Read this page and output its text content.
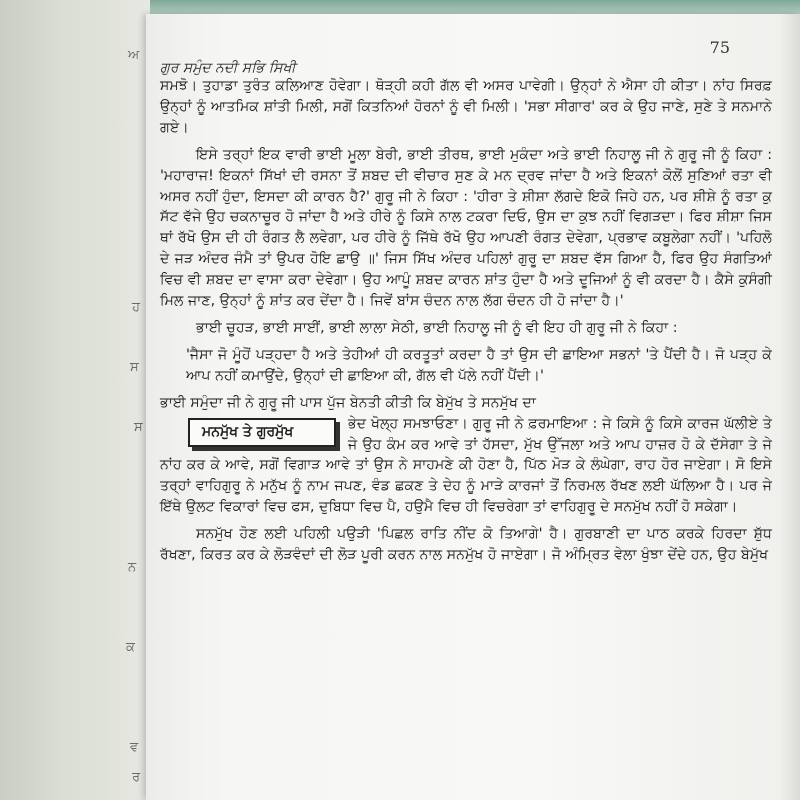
ਅ
ਹ
ਸ
ਸ
ਨ
ਕ
ਵ
ਰ
75
ਗੁਰ ਸਮੁੰਦ ਨਦੀ ਸਭਿ ਸਿਖੀ

ਸਮਝੋ। ਤੁਹਾਡਾ ਤੁਰੰਤ ਕਲਿਆਣ ਹੋਵੇਗਾ। ਥੋੜ੍ਹੀ ਕਹੀ ਗੱਲ ਵੀ ਅਸਰ ਪਾਵੇਗੀ। ਉਨ੍ਹਾਂ ਨੇ ਐਸਾ ਹੀ ਕੀਤਾ। ਨਾਂਹ ਸਿਰਫ਼ ਉਨ੍ਹਾਂ ਨੂੰ ਆਤਮਿਕ ਸ਼ਾਂਤੀ ਮਿਲੀ, ਸਗੋਂ ਕਿਤਨਿਆਂ ਹੋਰਨਾਂ ਨੂੰ ਵੀ ਮਿਲੀ। 'ਸਭਾ ਸੀਗਾਰ' ਕਰ ਕੇ ਉਹ ਜਾਣੇ, ਸੁਣੇ ਤੇ ਸਨਮਾਨੇ ਗਏ।

ਇਸੇ ਤਰ੍ਹਾਂ ਇਕ ਵਾਰੀ ਭਾਈ ਮੂਲਾ ਬੇਰੀ, ਭਾਈ ਤੀਰਥ, ਭਾਈ ਮੁਕੰਦਾ ਅਤੇ ਭਾਈ ਨਿਹਾਲੂ ਜੀ ਨੇ ਗੁਰੂ ਜੀ ਨੂੰ ਕਿਹਾ : 'ਮਹਾਰਾਜ! ਇਕਨਾਂ ਸਿੱਖਾਂ ਦੀ ਰਸਨਾ ਤੋਂ ਸ਼ਬਦ ਦੀ ਵੀਚਾਰ ਸੁਣ ਕੇ ਮਨ ਦ੍ਰਵ ਜਾਂਦਾ ਹੈ ਅਤੇ ਇਕਨਾਂ ਕੋਲੋਂ ਸੁਣਿਆਂ ਰਤਾ ਵੀ ਅਸਰ ਨਹੀਂ ਹੁੰਦਾ, ਇਸਦਾ ਕੀ ਕਾਰਨ ਹੈ?' ਗੁਰੂ ਜੀ ਨੇ ਕਿਹਾ : 'ਹੀਰਾ ਤੇ ਸ਼ੀਸ਼ਾ ਲੱਗਦੇ ਇਕੋ ਜਿਹੇ ਹਨ, ਪਰ ਸ਼ੀਸ਼ੇ ਨੂੰ ਰਤਾ ਕੁ ਸੱਟ ਵੱਜੇ ਉਹ ਚਕਨਾਚੂਰ ਹੋ ਜਾਂਦਾ ਹੈ ਅਤੇ ਹੀਰੇ ਨੂੰ ਕਿਸੇ ਨਾਲ ਟਕਰਾ ਦਿਓ, ਉਸ ਦਾ ਕੁਝ ਨਹੀਂ ਵਿਗੜਦਾ। ਫਿਰ ਸ਼ੀਸ਼ਾ ਜਿਸ ਥਾਂ ਰੱਖੋ ਉਸ ਦੀ ਹੀ ਰੰਗਤ ਲੈ ਲਵੇਗਾ, ਪਰ ਹੀਰੇ ਨੂੰ ਜਿੱਥੇ ਰੱਖੋ ਉਹ ਆਪਣੀ ਰੰਗਤ ਦੇਵੇਗਾ, ਪ੍ਰਭਾਵ ਕਬੂਲੇਗਾ ਨਹੀਂ। 'ਪਹਿਲੋ ਦੇ ਜੜ ਅੰਦਰ ਜੰਮੈ ਤਾਂ ਉਪਰ ਹੋਇ ਛਾਉ ॥' ਜਿਸ ਸਿੱਖ ਅੰਦਰ ਪਹਿਲਾਂ ਗੁਰੂ ਦਾ ਸ਼ਬਦ ਵੱਸ ਗਿਆ ਹੈ, ਫਿਰ ਉਹ ਸੰਗਤਿਆਂ ਵਿਚ ਵੀ ਸ਼ਬਦ ਦਾ ਵਾਸਾ ਕਰਾ ਦੇਵੇਗਾ। ਉਹ ਆਪੂੰ ਸ਼ਬਦ ਕਾਰਨ ਸ਼ਾਂਤ ਹੁੰਦਾ ਹੈ ਅਤੇ ਦੂਜਿਆਂ ਨੂੰ ਵੀ ਕਰਦਾ ਹੈ। ਕੈਸੇ ਕੁਸੰਗੀ ਮਿਲ ਜਾਣ, ਉਨ੍ਹਾਂ ਨੂੰ ਸ਼ਾਂਤ ਕਰ ਦੇਂਦਾ ਹੈ। ਜਿਵੇਂ ਬਾਂਸ ਚੰਦਨ ਨਾਲ ਲੱਗ ਚੰਦਨ ਹੀ ਹੋ ਜਾਂਦਾ ਹੈ।'

ਭਾਈ ਚੂਹੜ, ਭਾਈ ਸਾਈਂ, ਭਾਈ ਲਾਲਾ ਸੇਠੀ, ਭਾਈ ਨਿਹਾਲੂ ਜੀ ਨੂੰ ਵੀ ਇਹ ਹੀ ਗੁਰੂ ਜੀ ਨੇ ਕਿਹਾ :

'ਜੈਸਾ ਜੋ ਮੂੰਹੋਂ ਪੜ੍ਹਦਾ ਹੈ ਅਤੇ ਤੇਹੀਆਂ ਹੀ ਕਰਤੂਤਾਂ ਕਰਦਾ ਹੈ ਤਾਂ ਉਸ ਦੀ ਛਾਇਆ ਸਭਨਾਂ 'ਤੇ ਪੈਂਦੀ ਹੈ। ਜੋ ਪੜ੍ਹ ਕੇ ਆਪ ਨਹੀਂ ਕਮਾਉਂਦੇ, ਉਨ੍ਹਾਂ ਦੀ ਛਾਇਆ ਕੀ, ਗੱਲ ਵੀ ਪੱਲੇ ਨਹੀਂ ਪੈਂਦੀ।'

ਭਾਈ ਸਮੁੰਦਾ ਜੀ ਨੇ ਗੁਰੂ ਜੀ ਪਾਸ ਪੁੱਜ ਬੇਨਤੀ ਕੀਤੀ ਕਿ ਬੇਮੁੱਖ ਤੇ ਸਨਮੁੱਖ ਦਾ

ਮਨਮੁੱਖ ਤੇ ਗੁਰਮੁੱਖ	ਭੇਦ ਖੋਲ੍ਹ ਸਮਝਾਓਣਾ। ਗੁਰੂ ਜੀ ਨੇ ਫ਼ਰਮਾਇਆ : ਜੇ ਕਿਸੇ ਨੂੰ ਕਿਸੇ ਕਾਰਜ ਘੱਲੀਏ ਤੇ ਜੇ ਉਹ ਕੰਮ ਕਰ ਆਵੇ ਤਾਂ ਹੱਸਦਾ, ਮੁੱਖ ਉੱਜਲਾ ਅਤੇ ਆਪ ਹਾਜ਼ਰ ਹੋ ਕੇ ਦੱਸੇਗਾ ਤੇ ਜੇ ਨਾਂਹ ਕਰ ਕੇ ਆਵੇ, ਸਗੋਂ ਵਿਗਾੜ ਆਵੇ ਤਾਂ ਉਸ ਨੇ ਸਾਹਮਣੇ ਕੀ ਹੋਣਾ ਹੈ, ਪਿੱਠ ਮੋੜ ਕੇ ਲੰਘੇਗਾ, ਰਾਹ ਹੋਰ ਜਾਏਗਾ। ਸੋ ਇਸੇ ਤਰ੍ਹਾਂ ਵਾਹਿਗੁਰੂ ਨੇ ਮਨੁੱਖ ਨੂੰ ਨਾਮ ਜਪਣ, ਵੰਡ ਛਕਣ ਤੇ ਦੇਹ ਨੂੰ ਮਾੜੇ ਕਾਰਜਾਂ ਤੋਂ ਨਿਰਮਲ ਰੱਖਣ ਲਈ ਘੱਲਿਆ ਹੈ। ਪਰ ਜੇ ਇੱਥੇ ਉਲਟ ਵਿਕਾਰਾਂ ਵਿਚ ਫਸ, ਦੁਬਿਧਾ ਵਿਚ ਪੈ, ਹਉਮੈ ਵਿਚ ਹੀ ਵਿਚਰੇਗਾ ਤਾਂ ਵਾਹਿਗੁਰੂ ਦੇ ਸਨਮੁੱਖ ਨਹੀਂ ਹੋ ਸਕੇਗਾ।

ਸਨਮੁੱਖ ਹੋਣ ਲਈ ਪਹਿਲੀ ਪਉੜੀ 'ਪਿਛਲ ਰਾਤਿ ਨੀਂਦ ਕੋ ਤਿਆਗੇ' ਹੈ। ਗੁਰਬਾਣੀ ਦਾ ਪਾਠ ਕਰਕੇ ਹਿਰਦਾ ਸ਼ੁੱਧ ਰੱਖਣਾ, ਕਿਰਤ ਕਰ ਕੇ ਲੋੜਵੰਦਾਂ ਦੀ ਲੋੜ ਪੂਰੀ ਕਰਨ ਨਾਲ ਸਨਮੁੱਖ ਹੋ ਜਾਏਗਾ। ਜੋ ਅੰਮ੍ਰਿਤ ਵੇਲਾ ਖੁੰਝਾ ਦੇਂਦੇ ਹਨ, ਉਹ ਬੇਮੁੱਖ
